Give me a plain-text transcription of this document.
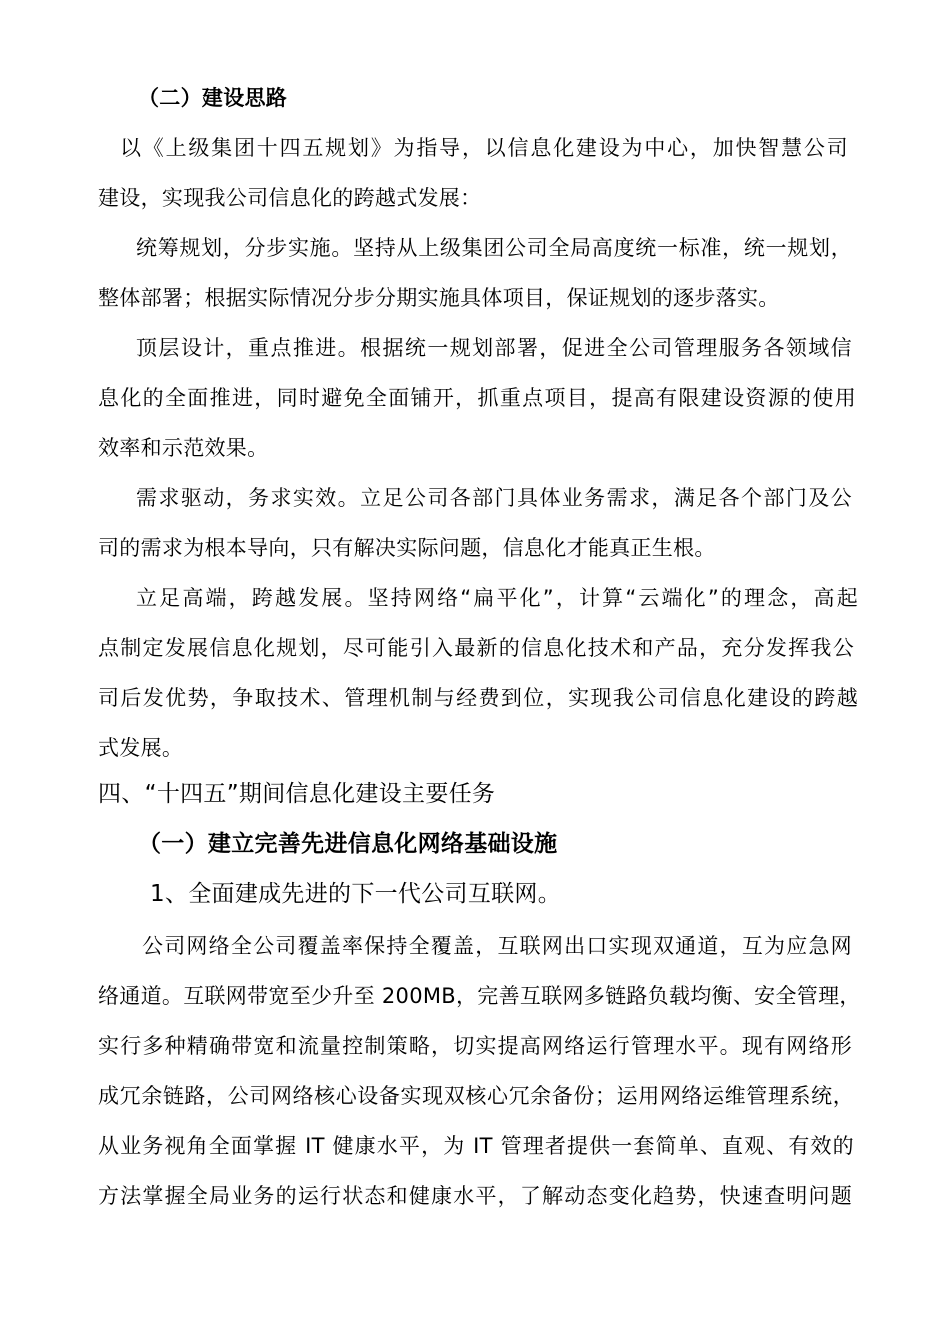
（二）建设思路
以《上级集团十四五规划》为指导，以信息化建设为中心，加快智慧公司
建设，实现我公司信息化的跨越式发展：
统筹规划，分步实施。坚持从上级集团公司全局高度统一标准，统一规划，
整体部署；根据实际情况分步分期实施具体项目，保证规划的逐步落实。
顶层设计，重点推进。根据统一规划部署，促进全公司管理服务各领域信
息化的全面推进，同时避免全面铺开，抓重点项目，提高有限建设资源的使用
效率和示范效果。
需求驱动，务求实效。立足公司各部门具体业务需求，满足各个部门及公
司的需求为根本导向，只有解决实际问题，信息化才能真正生根。
立足高端，跨越发展。坚持网络“扁平化”，计算“云端化”的理念，高起
点制定发展信息化规划，尽可能引入最新的信息化技术和产品，充分发挥我公
司后发优势，争取技术、管理机制与经费到位，实现我公司信息化建设的跨越
式发展。
四、“十四五”期间信息化建设主要任务
（一）建立完善先进信息化网络基础设施
1、全面建成先进的下一代公司互联网。
公司网络全公司覆盖率保持全覆盖，互联网出口实现双通道，互为应急网
络通道。互联网带宽至少升至 200MB，完善互联网多链路负载均衡、安全管理，
实行多种精确带宽和流量控制策略，切实提高网络运行管理水平。现有网络形
成冗余链路，公司网络核心设备实现双核心冗余备份；运用网络运维管理系统，
从业务视角全面掌握 IT 健康水平，为 IT 管理者提供一套简单、直观、有效的
方法掌握全局业务的运行状态和健康水平，了解动态变化趋势，快速查明问题
